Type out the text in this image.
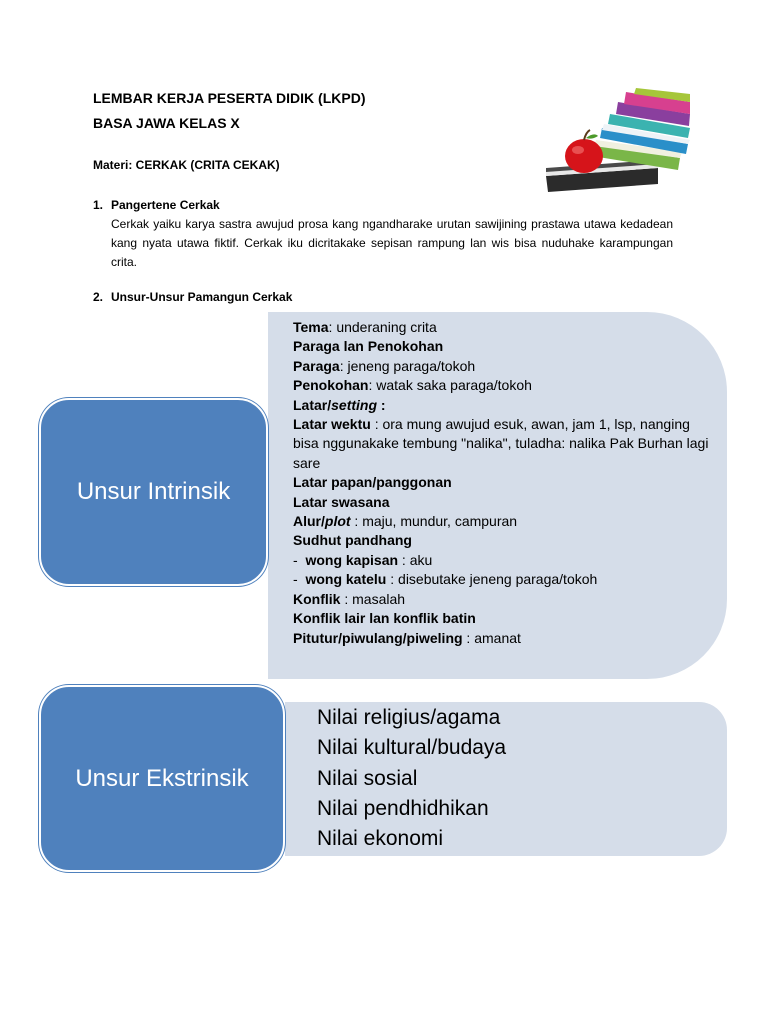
LEMBAR KERJA PESERTA DIDIK (LKPD)
BASA JAWA KELAS X
Materi: CERKAK (CRITA CEKAK)
1. Pangertene Cerkak
Cerkak yaiku karya sastra awujud prosa kang ngandharake urutan sawijining prastawa utawa kedadean kang nyata utawa fiktif. Cerkak iku dicritakake sepisan rampung lan wis bisa nuduhake karampungan crita.
2. Unsur-Unsur Pamangun Cerkak
Unsur Intrinsik
Tema: underaning crita
Paraga lan Penokohan
Paraga: jeneng paraga/tokoh
Penokohan: watak saka paraga/tokoh
Latar/setting :
Latar wektu : ora mung awujud esuk, awan, jam 1, lsp, nanging bisa nggunakake tembung "nalika", tuladha: nalika Pak Burhan lagi sare
Latar papan/panggonan
Latar swasana
Alur/plot : maju, mundur, campuran
Sudhut pandhang
- wong kapisan : aku
- wong katelu : disebutake jeneng paraga/tokoh
Konflik : masalah
Konflik lair lan konflik batin
Pitutur/piwulang/piweling : amanat
Unsur Ekstrinsik
Nilai religius/agama
Nilai kultural/budaya
Nilai sosial
Nilai pendhidhikan
Nilai ekonomi
